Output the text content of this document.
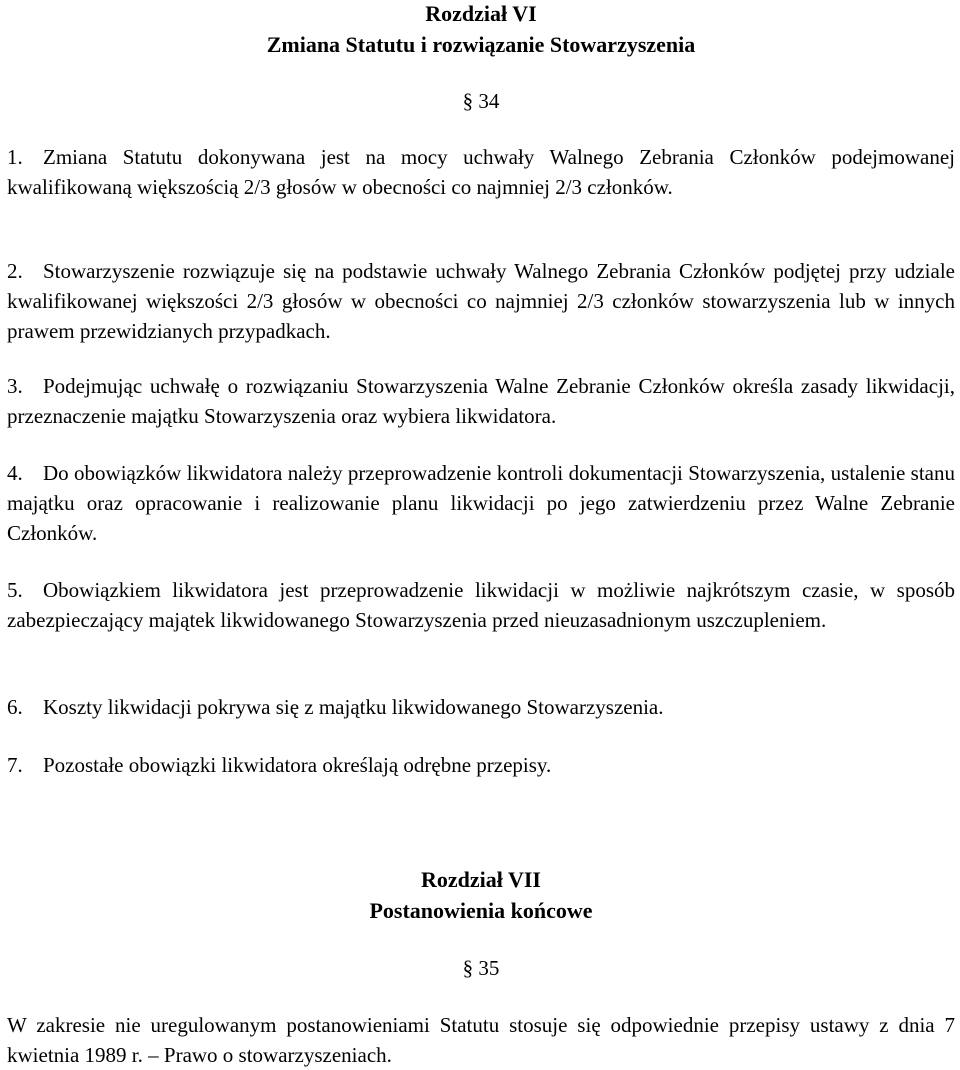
Rozdział VI
Zmiana Statutu i rozwiązanie Stowarzyszenia
§ 34
1. Zmiana Statutu dokonywana jest na mocy uchwały Walnego Zebrania Członków podejmowanej kwalifikowaną większością 2/3 głosów w obecności co najmniej 2/3 członków.
2. Stowarzyszenie rozwiązuje się na podstawie uchwały Walnego Zebrania Członków podjętej przy udziale kwalifikowanej większości 2/3 głosów w obecności co najmniej 2/3 członków stowarzyszenia lub w innych prawem przewidzianych przypadkach.
3. Podejmując uchwałę o rozwiązaniu Stowarzyszenia Walne Zebranie Członków określa zasady likwidacji, przeznaczenie majątku Stowarzyszenia oraz wybiera likwidatora.
4. Do obowiązków likwidatora należy przeprowadzenie kontroli dokumentacji Stowarzyszenia, ustalenie stanu majątku oraz opracowanie i realizowanie planu likwidacji po jego zatwierdzeniu przez Walne Zebranie Członków.
5. Obowiązkiem likwidatora jest przeprowadzenie likwidacji w możliwie najkrótszym czasie, w sposób zabezpieczający majątek likwidowanego Stowarzyszenia przed nieuzasadnionym uszczupleniem.
6. Koszty likwidacji pokrywa się z majątku likwidowanego Stowarzyszenia.
7. Pozostałe obowiązki likwidatora określają odrębne przepisy.
Rozdział VII
Postanowienia końcowe
§ 35

W zakresie nie uregulowanym postanowieniami Statutu stosuje się odpowiednie przepisy ustawy z dnia 7 kwietnia 1989 r. – Prawo o stowarzyszeniach.
